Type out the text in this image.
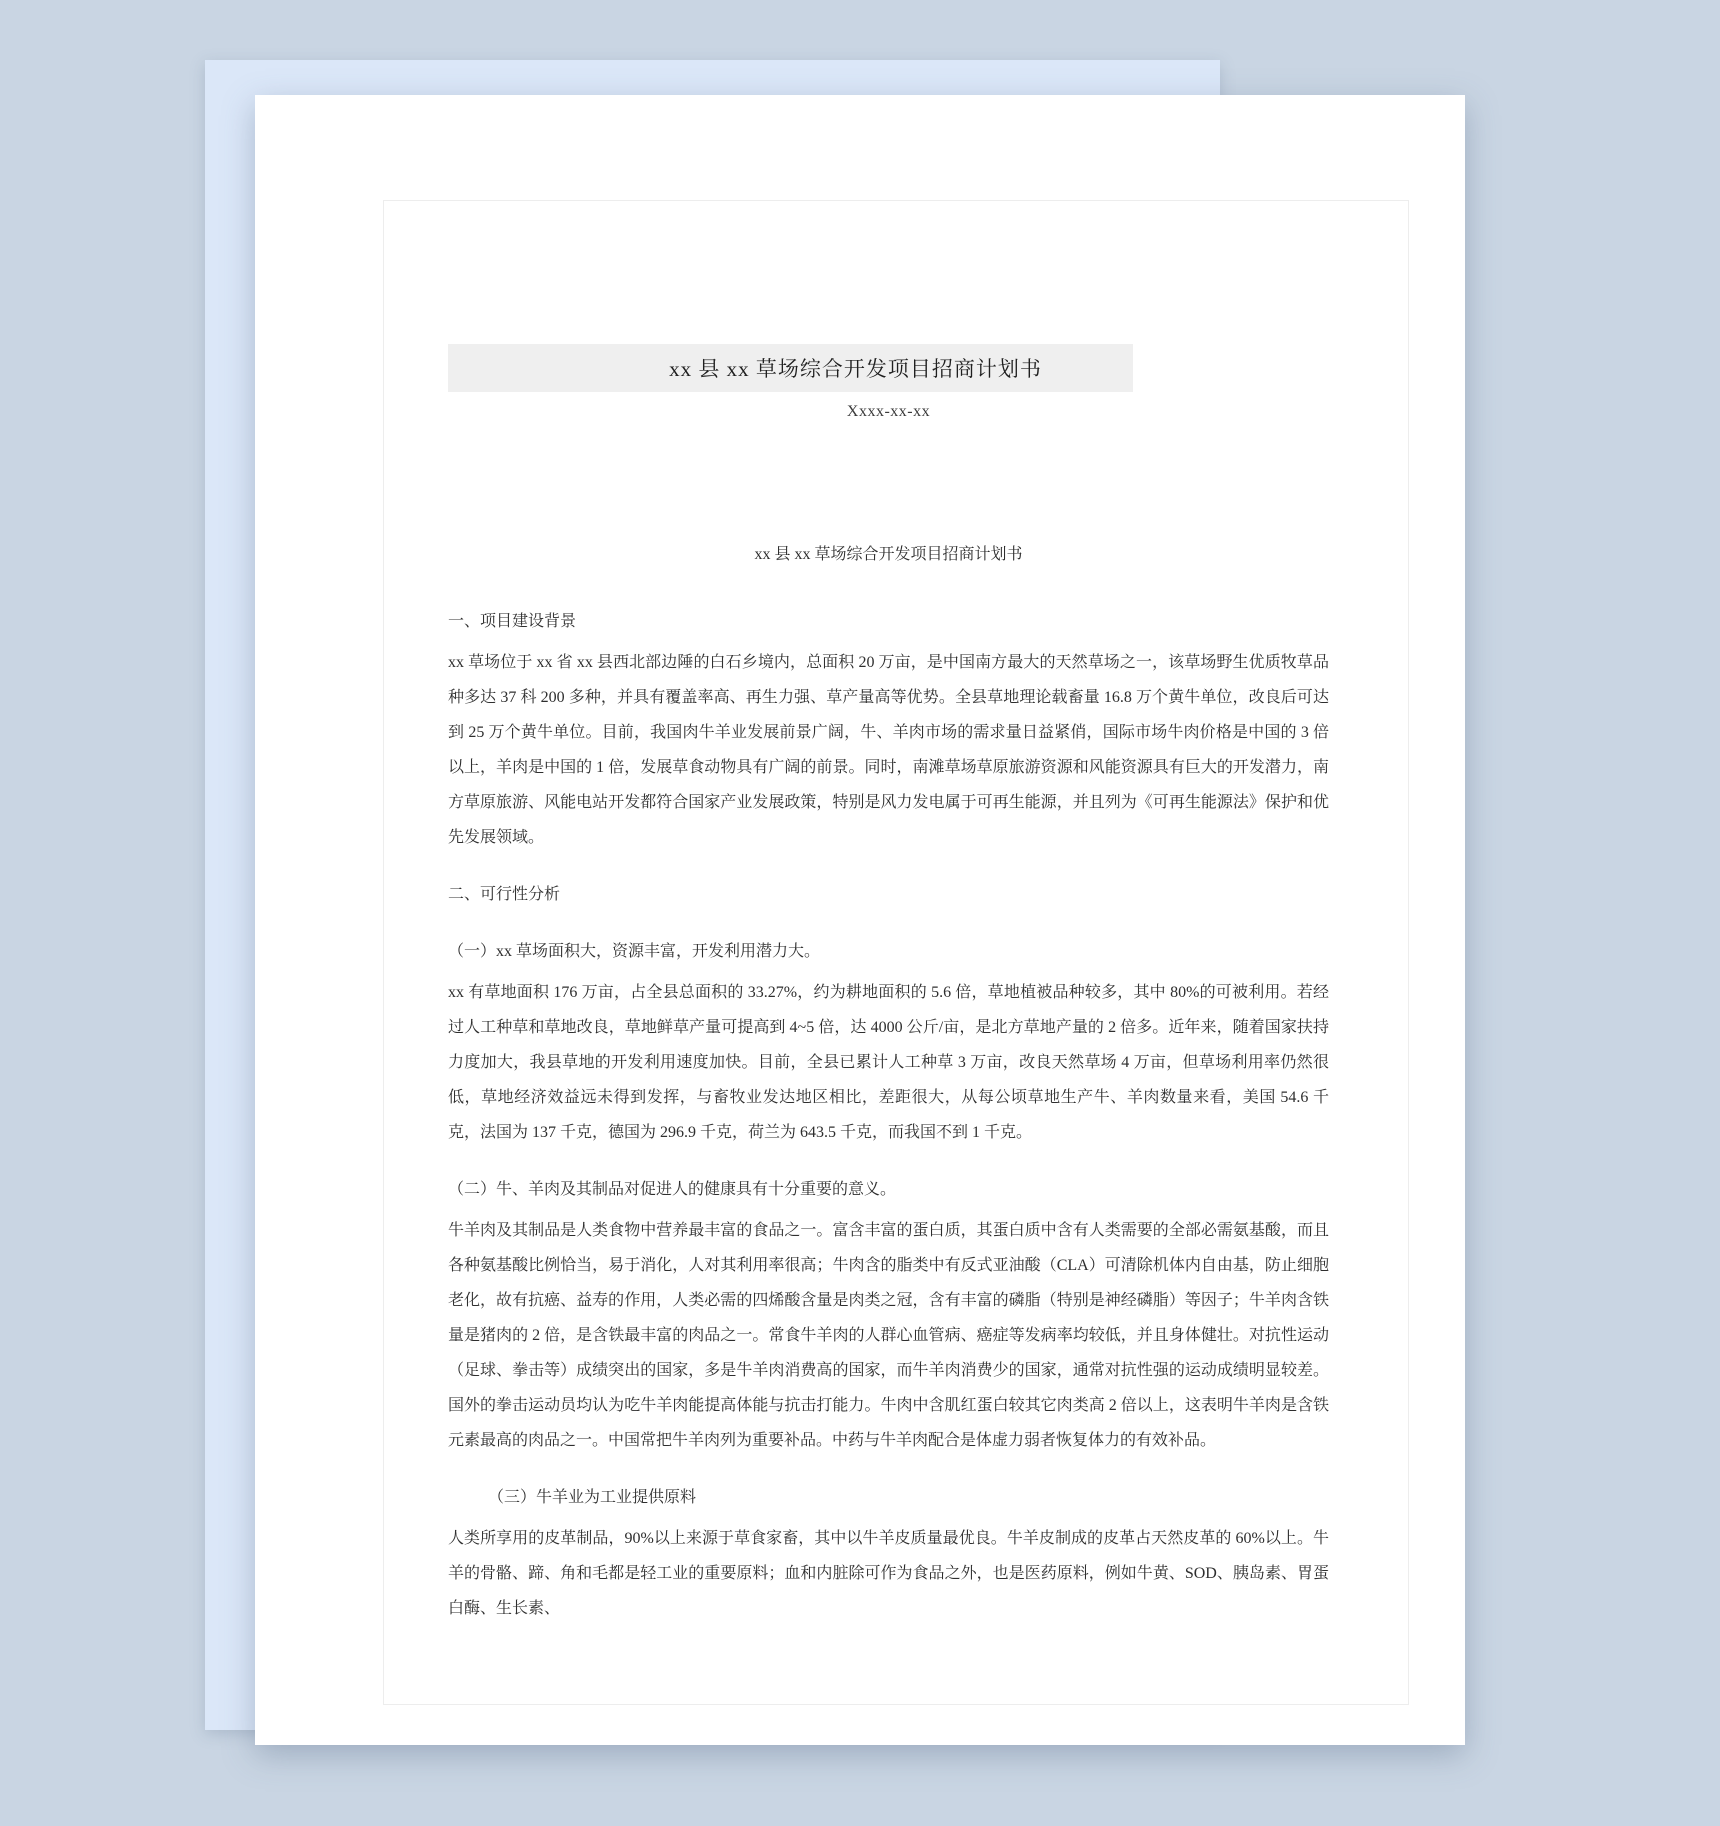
xx 县 xx 草场综合开发项目招商计划书
Xxxx-xx-xx
xx 县 xx 草场综合开发项目招商计划书
一、项目建设背景

xx 草场位于 xx 省 xx 县西北部边陲的白石乡境内，总面积 20 万亩，是中国南方最大的天然草场之一，该草场野生优质牧草品种多达 37 科 200 多种，并具有覆盖率高、再生力强、草产量高等优势。全县草地理论载畜量 16.8 万个黄牛单位，改良后可达到 25 万个黄牛单位。目前，我国肉牛羊业发展前景广阔，牛、羊肉市场的需求量日益紧俏，国际市场牛肉价格是中国的 3 倍以上，羊肉是中国的 1 倍，发展草食动物具有广阔的前景。同时，南滩草场草原旅游资源和风能资源具有巨大的开发潜力，南方草原旅游、风能电站开发都符合国家产业发展政策，特别是风力发电属于可再生能源，并且列为《可再生能源法》保护和优先发展领域。

二、可行性分析
（一）xx 草场面积大，资源丰富，开发利用潜力大。

xx 有草地面积 176 万亩，占全县总面积的 33.27%，约为耕地面积的 5.6 倍，草地植被品种较多，其中 80%的可被利用。若经过人工种草和草地改良，草地鲜草产量可提高到 4~5 倍，达 4000 公斤/亩，是北方草地产量的 2 倍多。近年来，随着国家扶持力度加大，我县草地的开发利用速度加快。目前，全县已累计人工种草 3 万亩，改良天然草场 4 万亩，但草场利用率仍然很低，草地经济效益远未得到发挥，与畜牧业发达地区相比，差距很大，从每公顷草地生产牛、羊肉数量来看，美国 54.6 千克，法国为 137 千克，德国为 296.9 千克，荷兰为 643.5 千克，而我国不到 1 千克。

（二）牛、羊肉及其制品对促进人的健康具有十分重要的意义。

牛羊肉及其制品是人类食物中营养最丰富的食品之一。富含丰富的蛋白质，其蛋白质中含有人类需要的全部必需氨基酸，而且各种氨基酸比例恰当，易于消化，人对其利用率很高；牛肉含的脂类中有反式亚油酸（CLA）可清除机体内自由基，防止细胞老化，故有抗癌、益寿的作用，人类必需的四烯酸含量是肉类之冠，含有丰富的磷脂（特别是神经磷脂）等因子；牛羊肉含铁量是猪肉的 2 倍，是含铁最丰富的肉品之一。常食牛羊肉的人群心血管病、癌症等发病率均较低，并且身体健壮。对抗性运动（足球、拳击等）成绩突出的国家，多是牛羊肉消费高的国家，而牛羊肉消费少的国家，通常对抗性强的运动成绩明显较差。国外的拳击运动员均认为吃牛羊肉能提高体能与抗击打能力。牛肉中含肌红蛋白较其它肉类高 2 倍以上，这表明牛羊肉是含铁元素最高的肉品之一。中国常把牛羊肉列为重要补品。中药与牛羊肉配合是体虚力弱者恢复体力的有效补品。

（三）牛羊业为工业提供原料

人类所享用的皮革制品，90%以上来源于草食家畜，其中以牛羊皮质量最优良。牛羊皮制成的皮革占天然皮革的 60%以上。牛羊的骨骼、蹄、角和毛都是轻工业的重要原料；血和内脏除可作为食品之外，也是医药原料，例如牛黄、SOD、胰岛素、胃蛋白酶、生长素、
